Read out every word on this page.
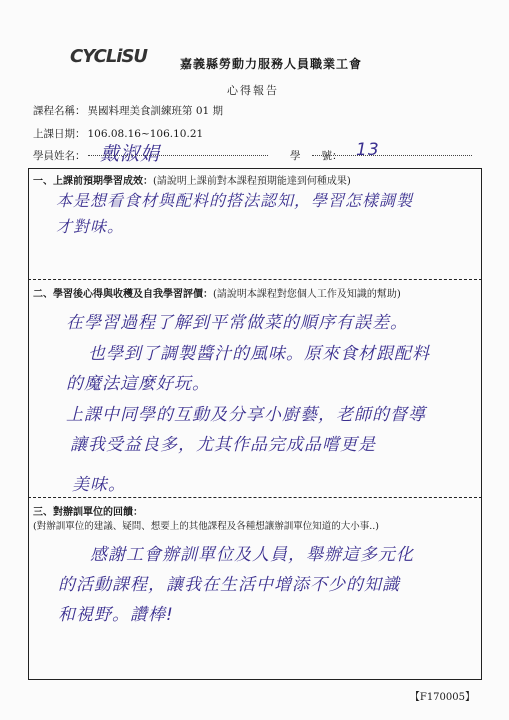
CYCLiSU	嘉義縣勞動力服務人員職業工會
心得報告
課程名稱： 異國料理美食訓練班第 01 期
上課日期： 106.08.16~106.10.21
學員姓名： 戴淑娟	學　　號： 13
一、上課前預期學習成效：(請說明上課前對本課程預期能達到何種成果)
本是想看食材與配料的搭法認知，學習怎樣調製
才對味。
二、學習後心得與收穫及自我學習評價：(請說明本課程對您個人工作及知識的幫助)
在學習過程了解到平常做菜的順序有誤差。
也學到了調製醬汁的風味。原來食材跟配料
的魔法這麼好玩。
上課中同學的互動及分享小廚藝，老師的督導
讓我受益良多，尤其作品完成品嚐更是
美味。
三、對辦訓單位的回饋：
(對辦訓單位的建議、疑問、想要上的其他課程及各種想讓辦訓單位知道的大小事..)
感謝工會辦訓單位及人員，舉辦這多元化
的活動課程，讓我在生活中增添不少的知識
和視野。讚棒!
【F170005】
